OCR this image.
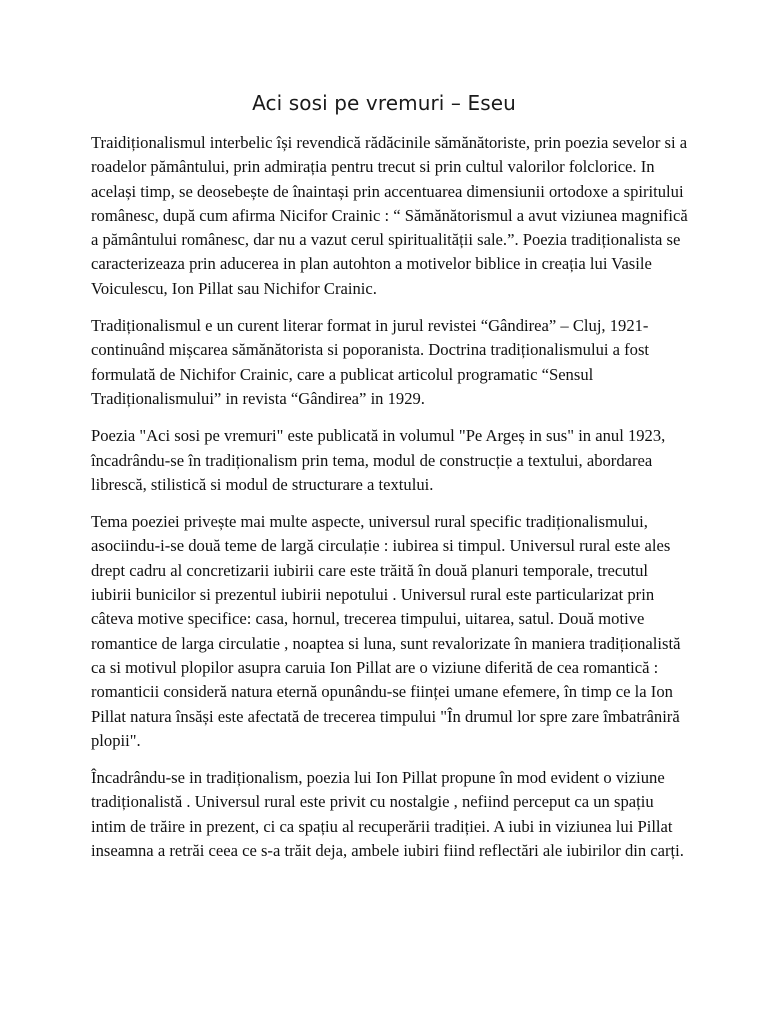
Aci sosi pe vremuri – Eseu

Traidiționalismul interbelic își revendică rădăcinile sămănătoriste, prin poezia sevelor si a roadelor pământului, prin admirația pentru trecut si prin cultul valorilor folclorice. In același timp, se deosebește de înaintași prin accentuarea dimensiunii ortodoxe a spiritului românesc, după cum afirma Nicifor Crainic : “ Sămănătorismul a avut viziunea magnifică a pământului românesc, dar nu a vazut cerul spiritualității sale.”. Poezia tradiționalista se caracterizeaza prin aducerea in plan autohton a motivelor biblice in creația lui Vasile Voiculescu, Ion Pillat sau Nichifor Crainic.

Tradiționalismul e un curent literar format in jurul revistei “Gândirea” – Cluj, 1921- continuând mișcarea sămănătorista si poporanista. Doctrina tradiționalismului a fost formulată de Nichifor Crainic, care a publicat articolul programatic “Sensul Tradiționalismului” in revista “Gândirea” in 1929.

Poezia "Aci sosi pe vremuri" este publicată in volumul "Pe Argeș in sus" in anul 1923, încadrându-se în tradiționalism prin tema, modul de construcție a textului, abordarea librescă, stilistică si modul de structurare a textului.

Tema poeziei privește mai multe aspecte, universul rural specific tradiționalismului, asociindu-i-se două teme de largă circulație : iubirea si timpul. Universul rural este ales drept cadru al concretizarii iubirii care este trăită în două planuri temporale, trecutul iubirii bunicilor si prezentul iubirii nepotului . Universul rural este particularizat prin câteva motive specifice: casa, hornul, trecerea timpului, uitarea, satul. Două motive romantice de larga circulatie , noaptea si luna, sunt revalorizate în maniera tradiționalistă ca si motivul plopilor asupra caruia Ion Pillat are o viziune diferită de cea romantică : romanticii consideră natura eternă opunându-se ființei umane efemere, în timp ce la Ion Pillat natura însăși este afectată de trecerea timpului "În drumul lor spre zare îmbatrâniră plopii".

Încadrându-se in tradiționalism, poezia lui Ion Pillat propune în mod evident o viziune tradiționalistă . Universul rural este privit cu nostalgie , nefiind perceput ca un spațiu intim de trăire in prezent, ci ca spațiu al recuperării tradiției. A iubi in viziunea lui Pillat inseamna a retrăi ceea ce s-a trăit deja, ambele iubiri fiind reflectări ale iubirilor din carți.
